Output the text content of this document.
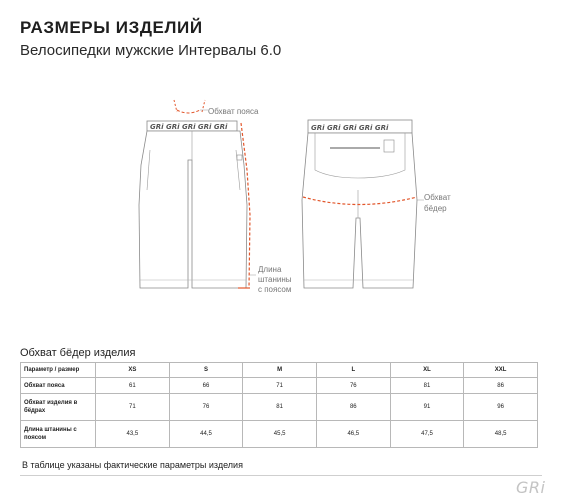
РАЗМЕРЫ ИЗДЕЛИЙ
Велосипедки мужские Интервалы 6.0
GRi GRi GRi GRi GRi
Обхват пояса
Длина
штанины
с поясом
GRi GRi GRi GRi GRi
Обхват
бёдер
Обхват бёдер изделия
Параметр / размер	XS	S	M	L	XL	XXL
Обхват пояса	61	66	71	76	81	86
Обхват изделия в бёдрах	71	76	81	86	91	96
Длина штанины с поясом	43,5	44,5	45,5	46,5	47,5	48,5
В таблице указаны фактические параметры изделия
GRi
